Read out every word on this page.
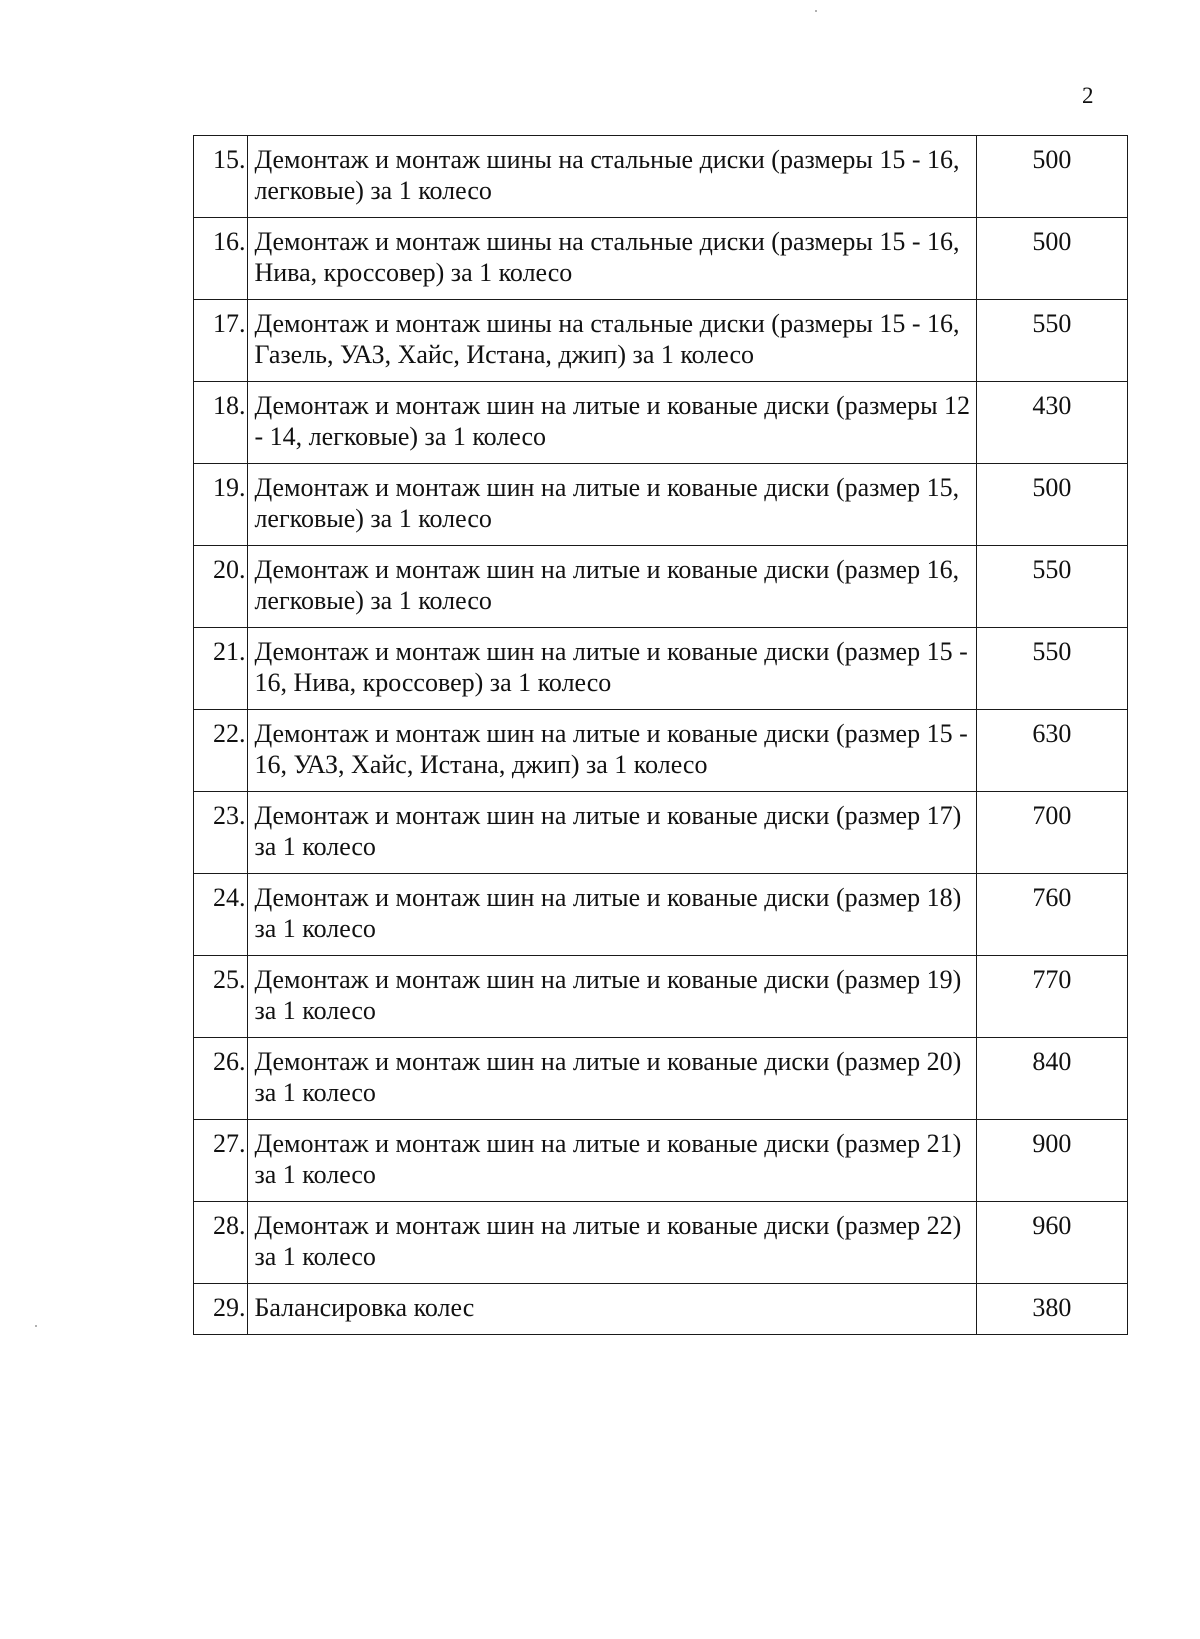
2
15.	Демонтаж и монтаж шины на стальные диски (размеры 15 - 16, легковые) за 1 колесо	500
16.	Демонтаж и монтаж шины на стальные диски (размеры 15 - 16, Нива, кроссовер) за 1 колесо	500
17.	Демонтаж и монтаж шины на стальные диски (размеры 15 - 16, Газель, УАЗ, Хайс, Истана, джип) за 1 колесо	550
18.	Демонтаж и монтаж шин на литые и кованые диски (размеры 12 - 14, легковые) за 1 колесо	430
19.	Демонтаж и монтаж шин на литые и кованые диски (размер 15, легковые) за 1 колесо	500
20.	Демонтаж и монтаж шин на литые и кованые диски (размер 16, легковые) за 1 колесо	550
21.	Демонтаж и монтаж шин на литые и кованые диски (размер 15 - 16, Нива, кроссовер) за 1 колесо	550
22.	Демонтаж и монтаж шин на литые и кованые диски (размер 15 - 16, УАЗ, Хайс, Истана, джип) за 1 колесо	630
23.	Демонтаж и монтаж шин на литые и кованые диски (размер 17) за 1 колесо	700
24.	Демонтаж и монтаж шин на литые и кованые диски (размер 18) за 1 колесо	760
25.	Демонтаж и монтаж шин на литые и кованые диски (размер 19) за 1 колесо	770
26.	Демонтаж и монтаж шин на литые и кованые диски (размер 20) за 1 колесо	840
27.	Демонтаж и монтаж шин на литые и кованые диски (размер 21) за 1 колесо	900
28.	Демонтаж и монтаж шин на литые и кованые диски (размер 22) за 1 колесо	960
29.	Балансировка колес	380
